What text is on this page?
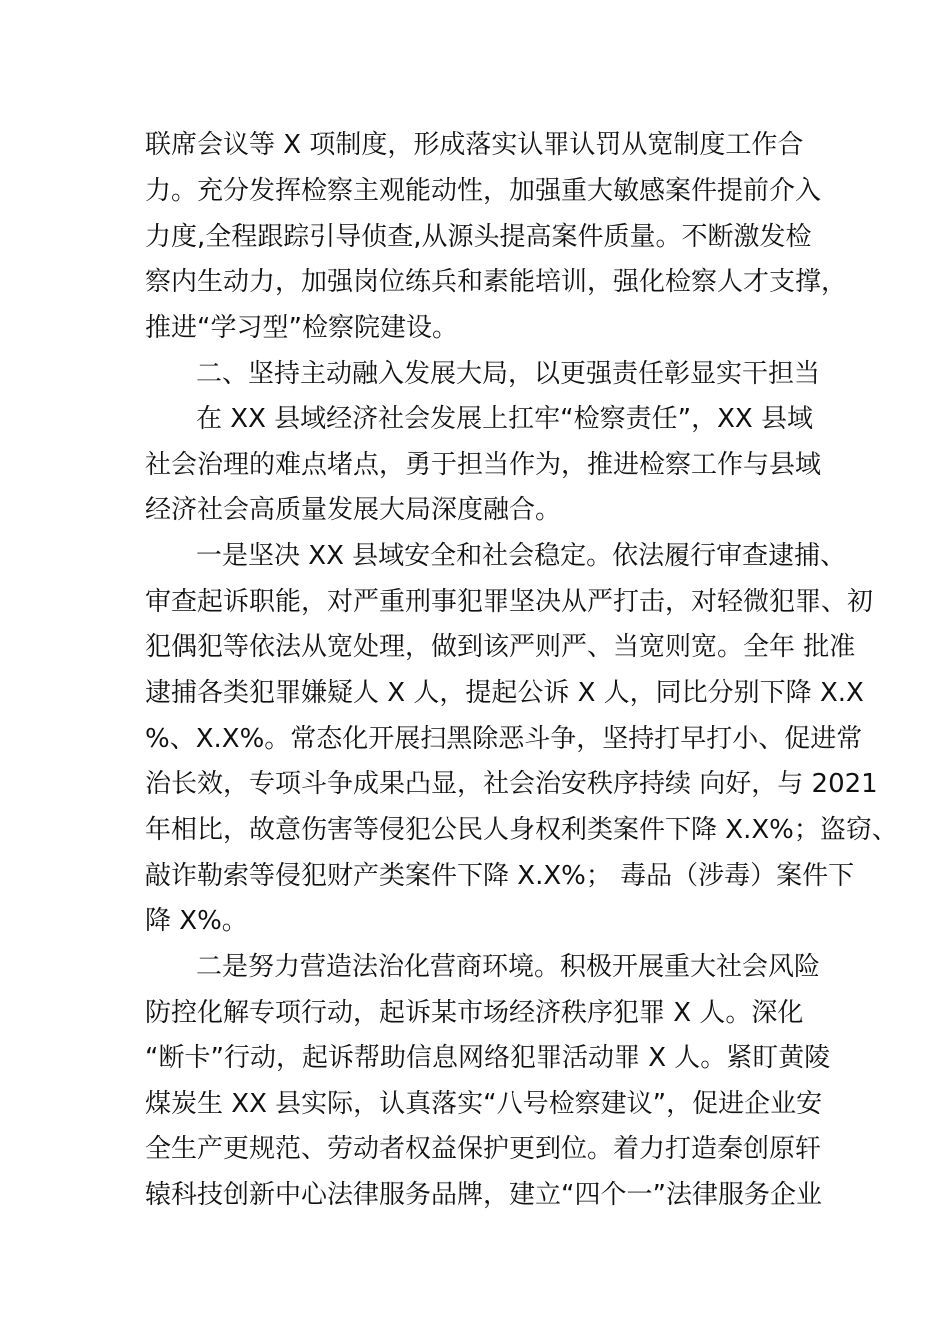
联席会议等 X 项制度，形成落实认罪认罚从宽制度工作合
力。充分发挥检察主观能动性，加强重大敏感案件提前介入
力度,全程跟踪引导侦查,从源头提高案件质量。不断激发检
察内生动力，加强岗位练兵和素能培训，强化检察人才支撑，
推进“学习型”检察院建设。
二、坚持主动融入发展大局，以更强责任彰显实干担当
在 XX 县域经济社会发展上扛牢“检察责任”，XX 县域
社会治理的难点堵点，勇于担当作为，推进检察工作与县域
经济社会高质量发展大局深度融合。
一是坚决 XX 县域安全和社会稳定。依法履行审查逮捕、
审查起诉职能，对严重刑事犯罪坚决从严打击，对轻微犯罪、初
犯偶犯等依法从宽处理，做到该严则严、当宽则宽。全年 批准
逮捕各类犯罪嫌疑人 X 人，提起公诉 X 人，同比分别下降 X.X
%、X.X%。常态化开展扫黑除恶斗争，坚持打早打小、促进常
治长效，专项斗争成果凸显，社会治安秩序持续 向好，与 2021
年相比，故意伤害等侵犯公民人身权利类案件下降 X.X%；盗窃、
敲诈勒索等侵犯财产类案件下降 X.X%； 毒品（涉毒）案件下
降 X%。
二是努力营造法治化营商环境。积极开展重大社会风险
防控化解专项行动，起诉某市场经济秩序犯罪 X 人。深化
“断卡”行动，起诉帮助信息网络犯罪活动罪 X 人。紧盯黄陵
煤炭生 XX 县实际，认真落实“八号检察建议”，促进企业安
全生产更规范、劳动者权益保护更到位。着力打造秦创原轩
辕科技创新中心法律服务品牌，建立“四个一”法律服务企业
